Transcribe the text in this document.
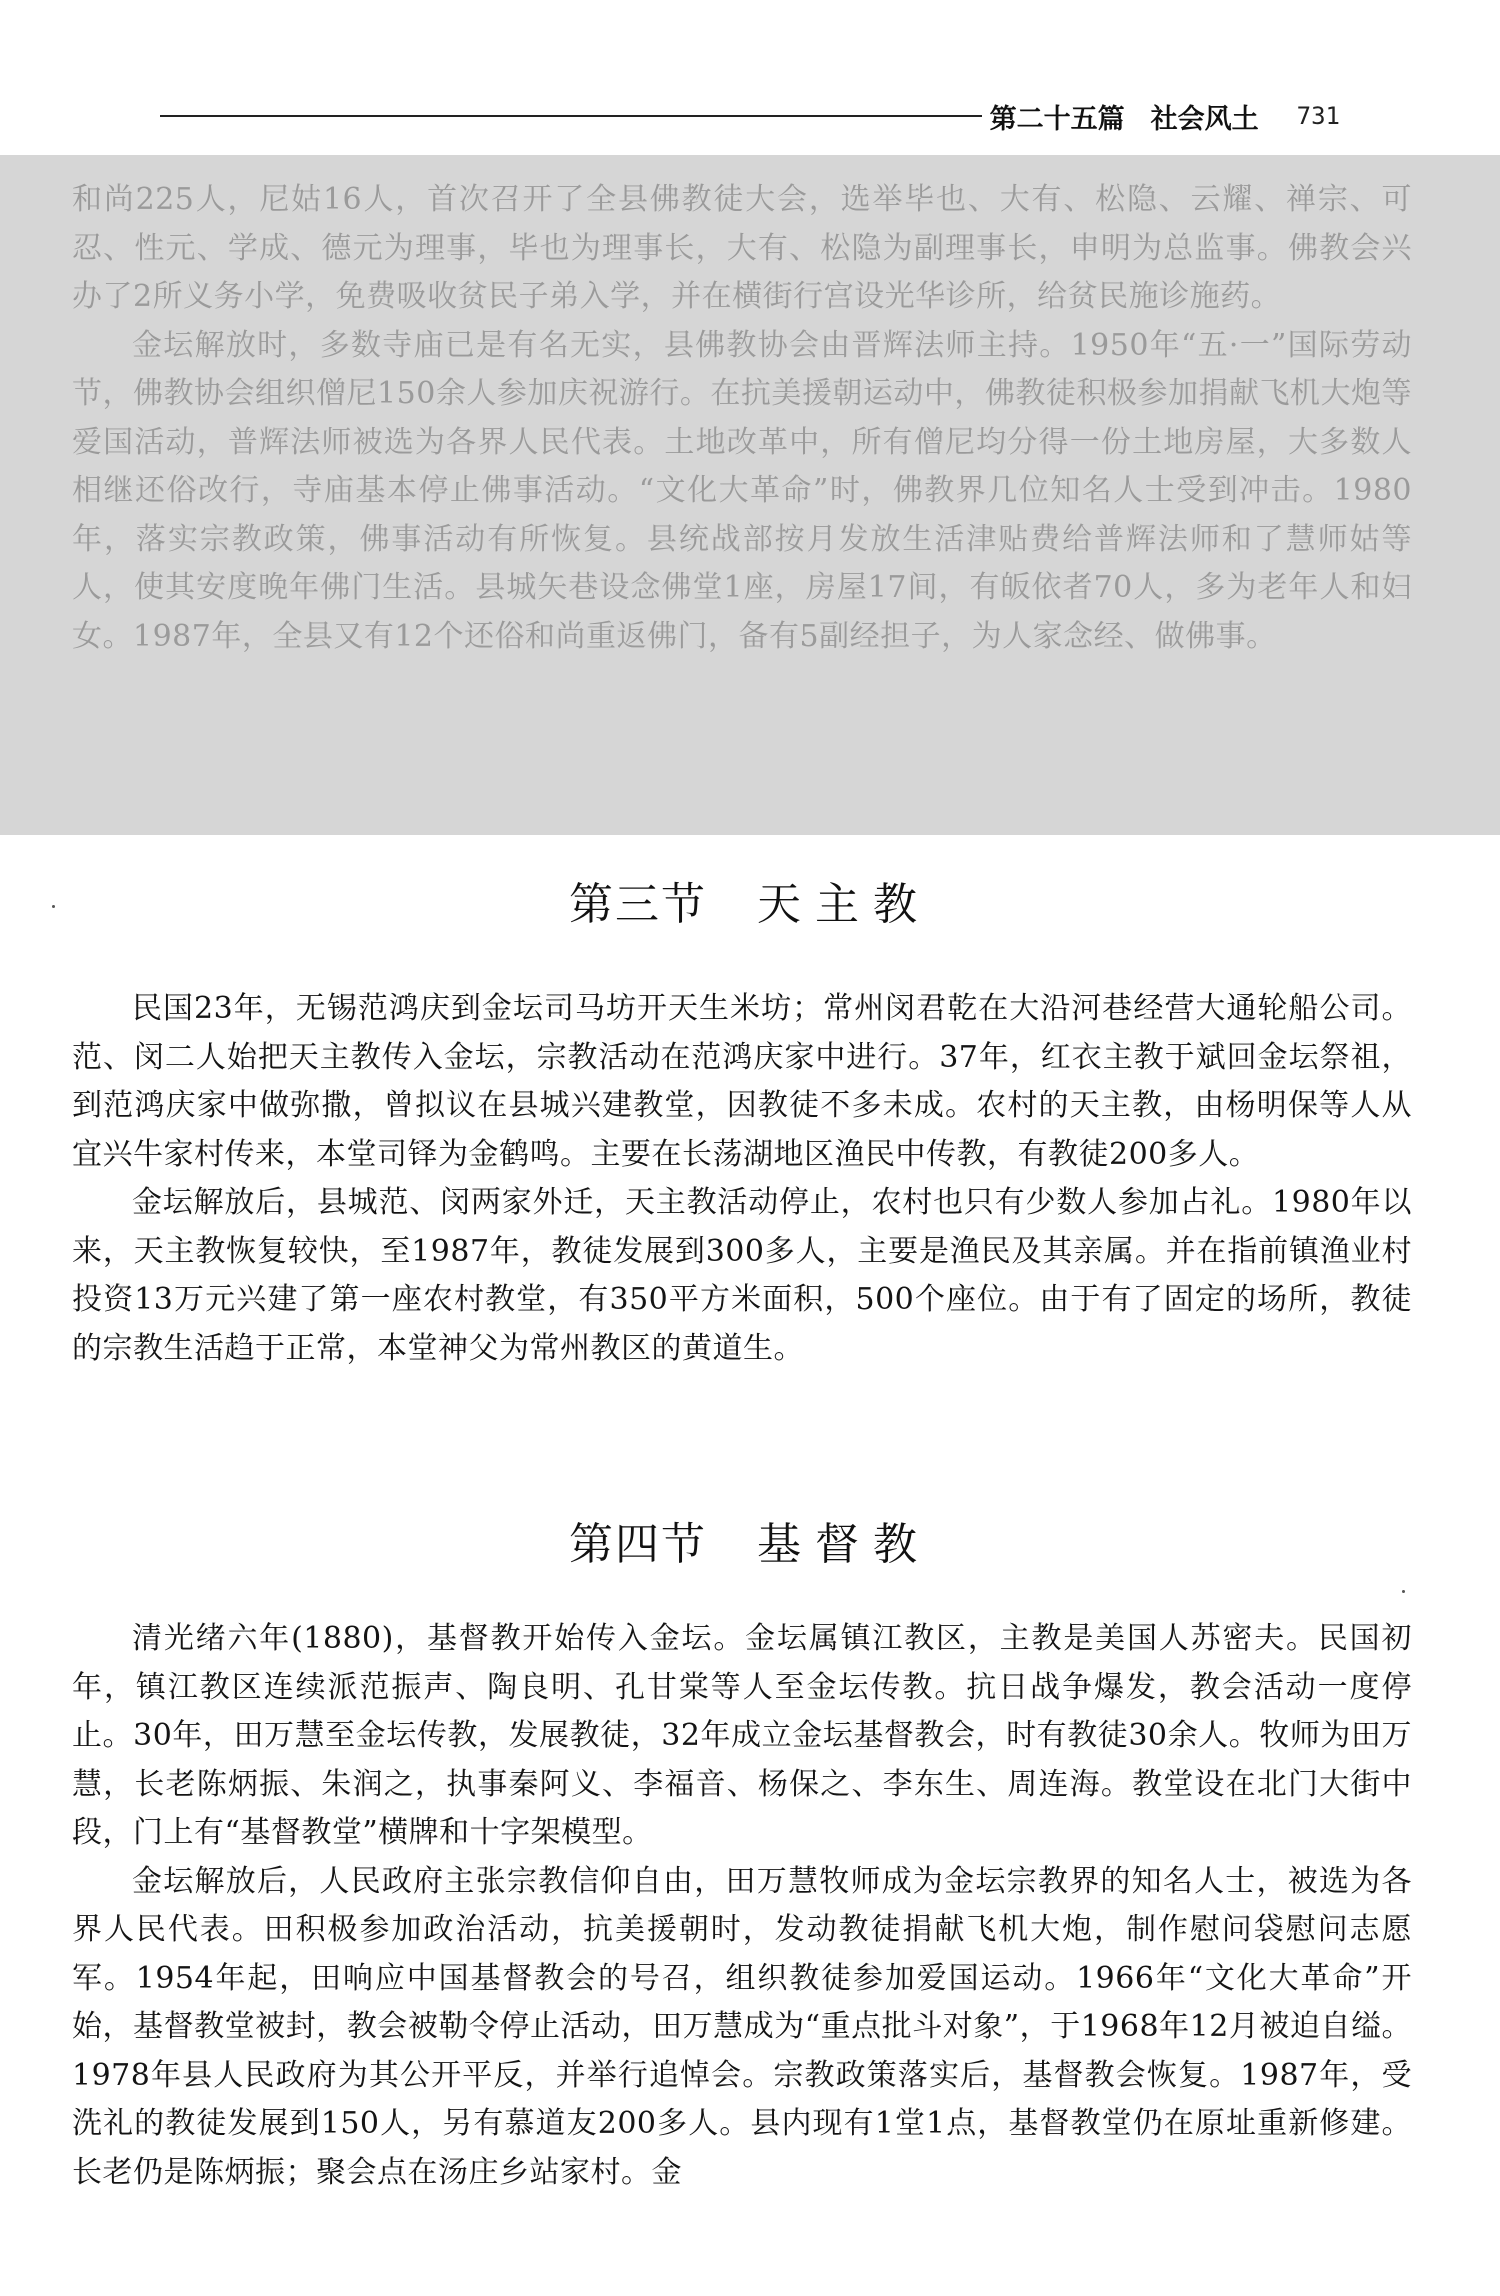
第二十五篇 社会风土 731

和尚225人，尼姑16人，首次召开了全县佛教徒大会，选举毕也、大有、松隐、云耀、禅宗、可忍、性元、学成、德元为理事，毕也为理事长，大有、松隐为副理事长，申明为总监事。佛教会兴办了2所义务小学，免费吸收贫民子弟入学，并在横街行宫设光华诊所，给贫民施诊施药。

金坛解放时，多数寺庙已是有名无实，县佛教协会由晋辉法师主持。1950年“五·一”国际劳动节，佛教协会组织僧尼150余人参加庆祝游行。在抗美援朝运动中，佛教徒积极参加捐献飞机大炮等爱国活动，普辉法师被选为各界人民代表。土地改革中，所有僧尼均分得一份土地房屋，大多数人相继还俗改行，寺庙基本停止佛事活动。“文化大革命”时，佛教界几位知名人士受到冲击。1980年，落实宗教政策，佛事活动有所恢复。县统战部按月发放生活津贴费给普辉法师和了慧师姑等人，使其安度晚年佛门生活。县城矢巷设念佛堂1座，房屋17间，有皈依者70人，多为老年人和妇女。1987年，全县又有12个还俗和尚重返佛门，备有5副经担子，为人家念经、做佛事。

第三节 天主教

民国23年，无锡范鸿庆到金坛司马坊开天生米坊；常州闵君乾在大沿河巷经营大通轮船公司。范、闵二人始把天主教传入金坛，宗教活动在范鸿庆家中进行。37年，红衣主教于斌回金坛祭祖，到范鸿庆家中做弥撒，曾拟议在县城兴建教堂，因教徒不多未成。农村的天主教，由杨明保等人从宜兴牛家村传来，本堂司铎为金鹤鸣。主要在长荡湖地区渔民中传教，有教徒200多人。

金坛解放后，县城范、闵两家外迁，天主教活动停止，农村也只有少数人参加占礼。1980年以来，天主教恢复较快，至1987年，教徒发展到300多人，主要是渔民及其亲属。并在指前镇渔业村投资13万元兴建了第一座农村教堂，有350平方米面积，500个座位。由于有了固定的场所，教徒的宗教生活趋于正常，本堂神父为常州教区的黄道生。

第四节 基督教

清光绪六年(1880)，基督教开始传入金坛。金坛属镇江教区，主教是美国人苏密夫。民国初年，镇江教区连续派范振声、陶良明、孔甘棠等人至金坛传教。抗日战争爆发，教会活动一度停止。30年，田万慧至金坛传教，发展教徒，32年成立金坛基督教会，时有教徒30余人。牧师为田万慧，长老陈炳振、朱润之，执事秦阿义、李福音、杨保之、李东生、周连海。教堂设在北门大街中段，门上有“基督教堂”横牌和十字架模型。

金坛解放后，人民政府主张宗教信仰自由，田万慧牧师成为金坛宗教界的知名人士，被选为各界人民代表。田积极参加政治活动，抗美援朝时，发动教徒捐献飞机大炮，制作慰问袋慰问志愿军。1954年起，田响应中国基督教会的号召，组织教徒参加爱国运动。1966年“文化大革命”开始，基督教堂被封，教会被勒令停止活动，田万慧成为“重点批斗对象”，于1968年12月被迫自缢。1978年县人民政府为其公开平反，并举行追悼会。宗教政策落实后，基督教会恢复。1987年，受洗礼的教徒发展到150人，另有慕道友200多人。县内现有1堂1点，基督教堂仍在原址重新修建。长老仍是陈炳振；聚会点在汤庄乡站家村。金
